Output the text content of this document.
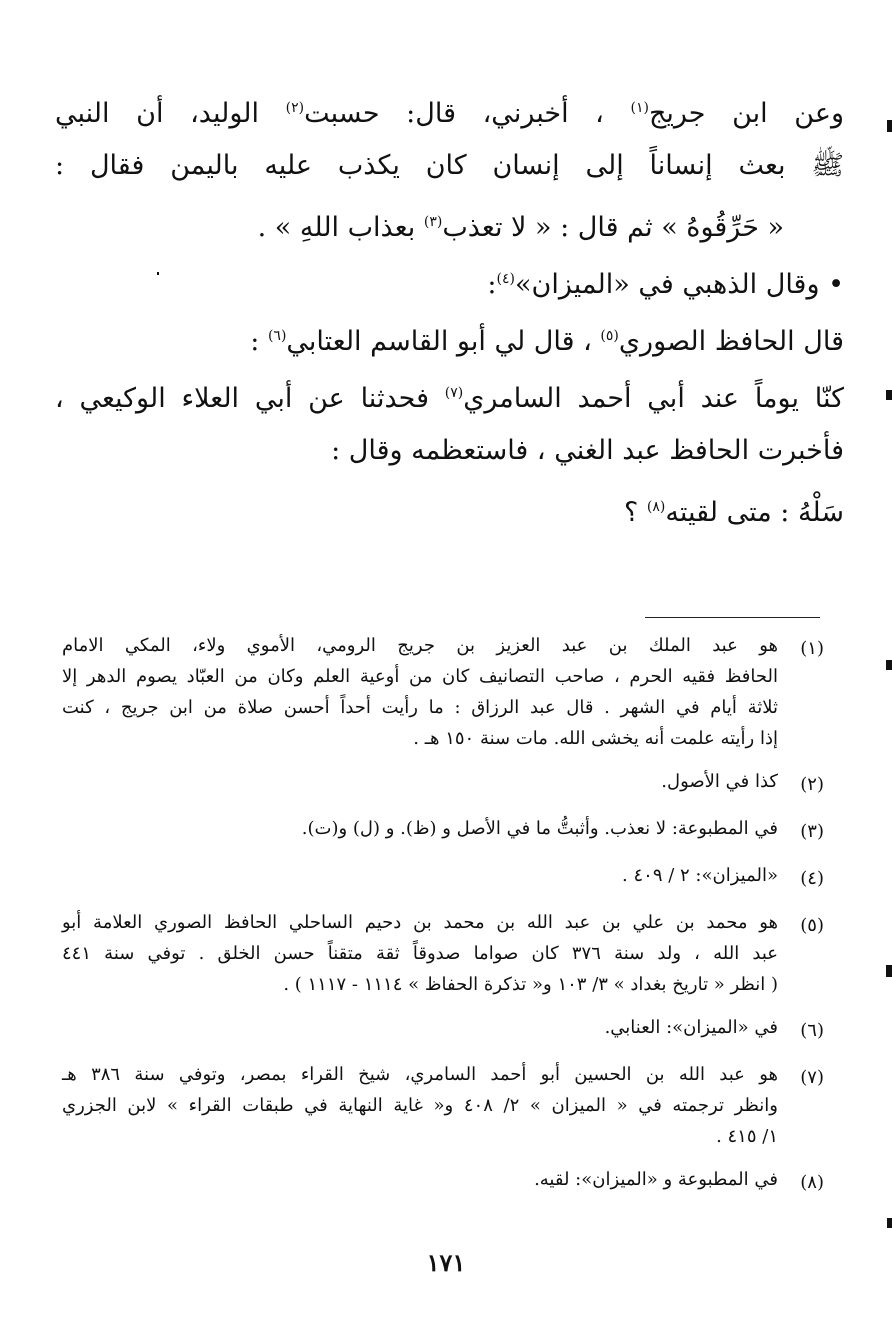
وعن ابن جريج$^{(١)}$ ، أخبرني، قال: حسبت$^{(٢)}$ الوليد، أن النبي
ﷺ بعث إنساناً إلى إنسان كان يكذب عليه باليمن فقال :
« حَرِّقُوهُ » ثم قال : « لا تعذب$^{(٣)}$ بعذاب اللهِ » .
• وقال الذهبي في «الميزان»$^{(٤)}$:
قال الحافظ الصوري$^{(٥)}$ ، قال لي أبو القاسم العتابي$^{(٦)}$ :
كنّا يوماً عند أبي أحمد السامري$^{(٧)}$ فحدثنا عن أبي العلاء الوكيعي ،
فأخبرت الحافظ عبد الغني ، فاستعظمه وقال :
سَلْهُ : متى لقيته$^{(٨)}$ ؟
(١)
هو عبد الملك بن عبد العزيز بن جريج الرومي، الأموي ولاء، المكي الامام
الحافظ فقيه الحرم ، صاحب التصانيف كان من أوعية العلم وكان من العبّاد يصوم الدهر إلا
ثلاثة أيام في الشهر . قال عبد الرزاق : ما رأيت أحداً أحسن صلاة من ابن جريج ، كنت
إذا رأيته علمت أنه يخشى الله. مات سنة ١٥٠ هـ .
(٢)
كذا في الأصول.
(٣)
في المطبوعة: لا نعذب. وأثبتُّ ما في الأصل و (ظ). و (ل) و(ت).
(٤)
«الميزان»: ٢ / ٤٠٩ .
(٥)
هو محمد بن علي بن عبد الله بن محمد بن دحيم الساحلي الحافظ الصوري العلامة أبو
عبد الله ، ولد سنة ٣٧٦ كان صواما صدوقاً ثقة متقناً حسن الخلق . توفي سنة ٤٤١
( انظر « تاريخ بغداد » ٣/ ١٠٣ و« تذكرة الحفاظ » ١١١٤ - ١١١٧ ) .
(٦)
في «الميزان»: العنابي.
(٧)
هو عبد الله بن الحسين أبو أحمد السامري، شيخ القراء بمصر، وتوفي سنة ٣٨٦ هـ
وانظر ترجمته في « الميزان » ٢/ ٤٠٨ و« غاية النهاية في طبقات القراء » لابن الجزري
١/ ٤١٥ .
(٨)
في المطبوعة و «الميزان»: لقيه.
١٧١
